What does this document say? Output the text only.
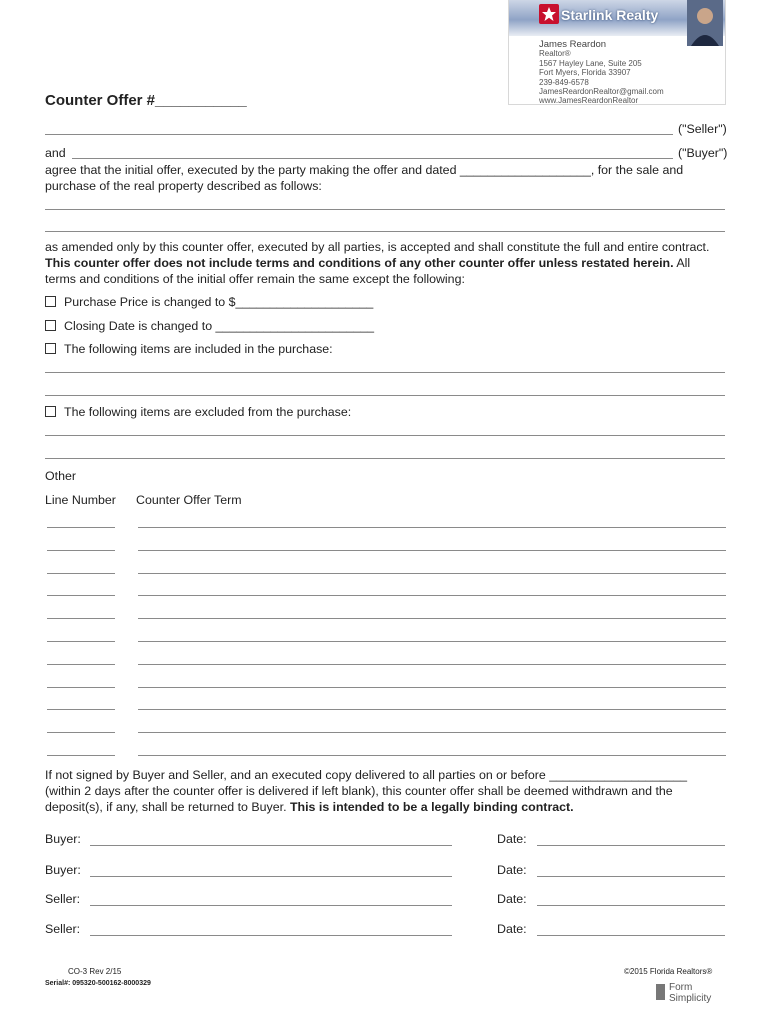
Starlink Realty
James Reardon
Realtor®
1567 Hayley Lane, Suite 205
Fort Myers, Florida 33907
239-849-6578
JamesReardonRealtor@gmail.com
www.JamesReardonRealtor
Counter Offer #___________
("Seller")
and	("Buyer")
agree that the initial offer, executed by the party making the offer and dated ___________________, for the sale and
purchase of the real property described as follows:
as amended only by this counter offer, executed by all parties, is accepted and shall constitute the full and entire contract.
This counter offer does not include terms and conditions of any other counter offer unless restated herein. All
terms and conditions of the initial offer remain the same except the following:
Purchase Price is changed to $____________________
Closing Date is changed to _______________________
The following items are included in the purchase:
The following items are excluded from the purchase:
Other
Line Number Counter Offer Term
If not signed by Buyer and Seller, and an executed copy delivered to all parties on or before ____________________
(within 2 days after the counter offer is delivered if left blank), this counter offer shall be deemed withdrawn and the
deposit(s), if any, shall be returned to Buyer. This is intended to be a legally binding contract.
Buyer:	Date:
Buyer:	Date:
Seller:	Date:
Seller:	Date:
CO-3 Rev 2/15
Serial#: 095320-500162-8000329
©2015 Florida Realtors®
Form Simplicity
